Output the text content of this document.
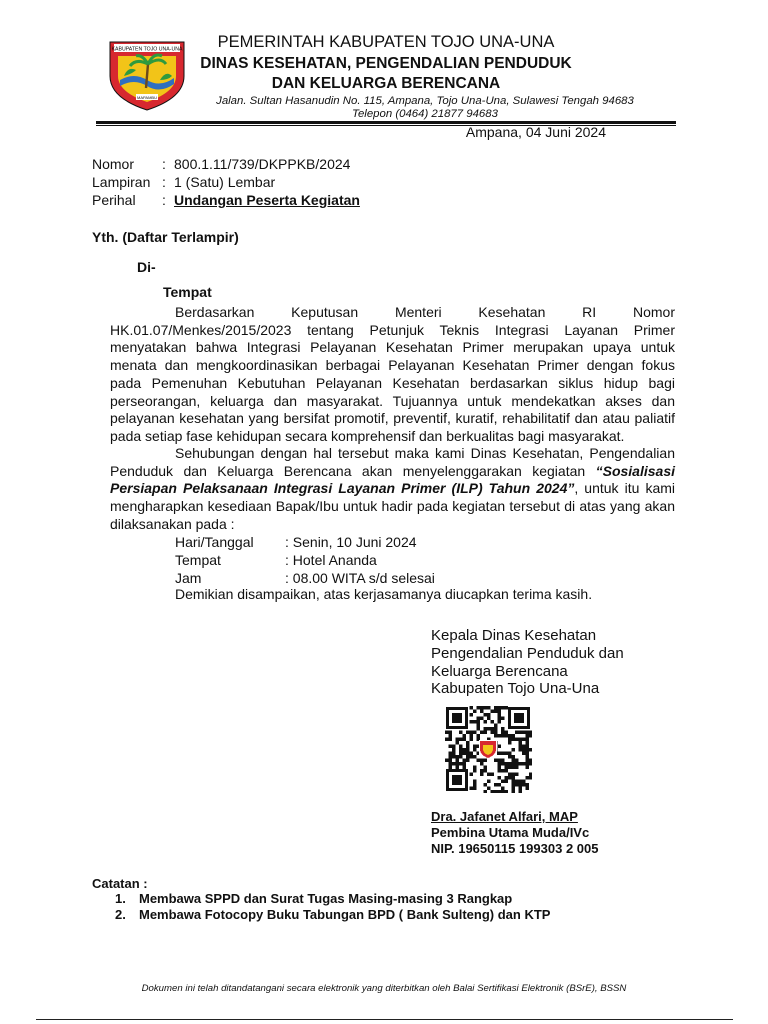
KABUPATEN TOJO UNA-UNA
MAPAMBU
PEMERINTAH KABUPATEN TOJO UNA-UNA
DINAS KESEHATAN, PENGENDALIAN PENDUDUK
DAN KELUARGA BERENCANA
Jalan. Sultan Hasanudin No. 115, Ampana, Tojo Una-Una, Sulawesi Tengah 94683
Telepon (0464) 21877 94683
Ampana, 04 Juni 2024
Nomor : 800.1.11/739/DKPPKB/2024
Lampiran : 1 (Satu) Lembar
Perihal : Undangan Peserta Kegiatan
Yth. (Daftar Terlampir)
Di-
Tempat

Berdasarkan Keputusan Menteri Kesehatan RI Nomor HK.01.07/Menkes/2015/2023 tentang Petunjuk Teknis Integrasi Layanan Primer menyatakan bahwa Integrasi Pelayanan Kesehatan Primer merupakan upaya untuk menata dan mengkoordinasikan berbagai Pelayanan Kesehatan Primer dengan fokus pada Pemenuhan Kebutuhan Pelayanan Kesehatan berdasarkan siklus hidup bagi perseorangan, keluarga dan masyarakat. Tujuannya untuk mendekatkan akses dan pelayanan kesehatan yang bersifat promotif, preventif, kuratif, rehabilitatif dan atau paliatif pada setiap fase kehidupan secara komprehensif dan berkualitas bagi masyarakat.

Sehubungan dengan hal tersebut maka kami Dinas Kesehatan, Pengendalian Penduduk dan Keluarga Berencana akan menyelenggarakan kegiatan “Sosialisasi Persiapan Pelaksanaan Integrasi Layanan Primer (ILP) Tahun 2024”, untuk itu kami mengharapkan kesediaan Bapak/Ibu untuk hadir pada kegiatan tersebut di atas yang akan dilaksanakan pada :

Hari/Tanggal : Senin, 10 Juni 2024
Tempat	: Hotel Ananda
Jam	: 08.00 WITA s/d selesai
Demikian disampaikan, atas kerjasamanya diucapkan terima kasih.
Kepala Dinas Kesehatan
Pengendalian Penduduk dan
Keluarga Berencana
Kabupaten Tojo Una-Una
Dra. Jafanet Alfari, MAP
Pembina Utama Muda/IVc
NIP. 19650115 199303 2 005
Catatan :
1. Membawa SPPD dan Surat Tugas Masing-masing 3 Rangkap
2. Membawa Fotocopy Buku Tabungan BPD ( Bank Sulteng) dan KTP
Dokumen ini telah ditandatangani secara elektronik yang diterbitkan oleh Balai Sertifikasi Elektronik (BSrE), BSSN
